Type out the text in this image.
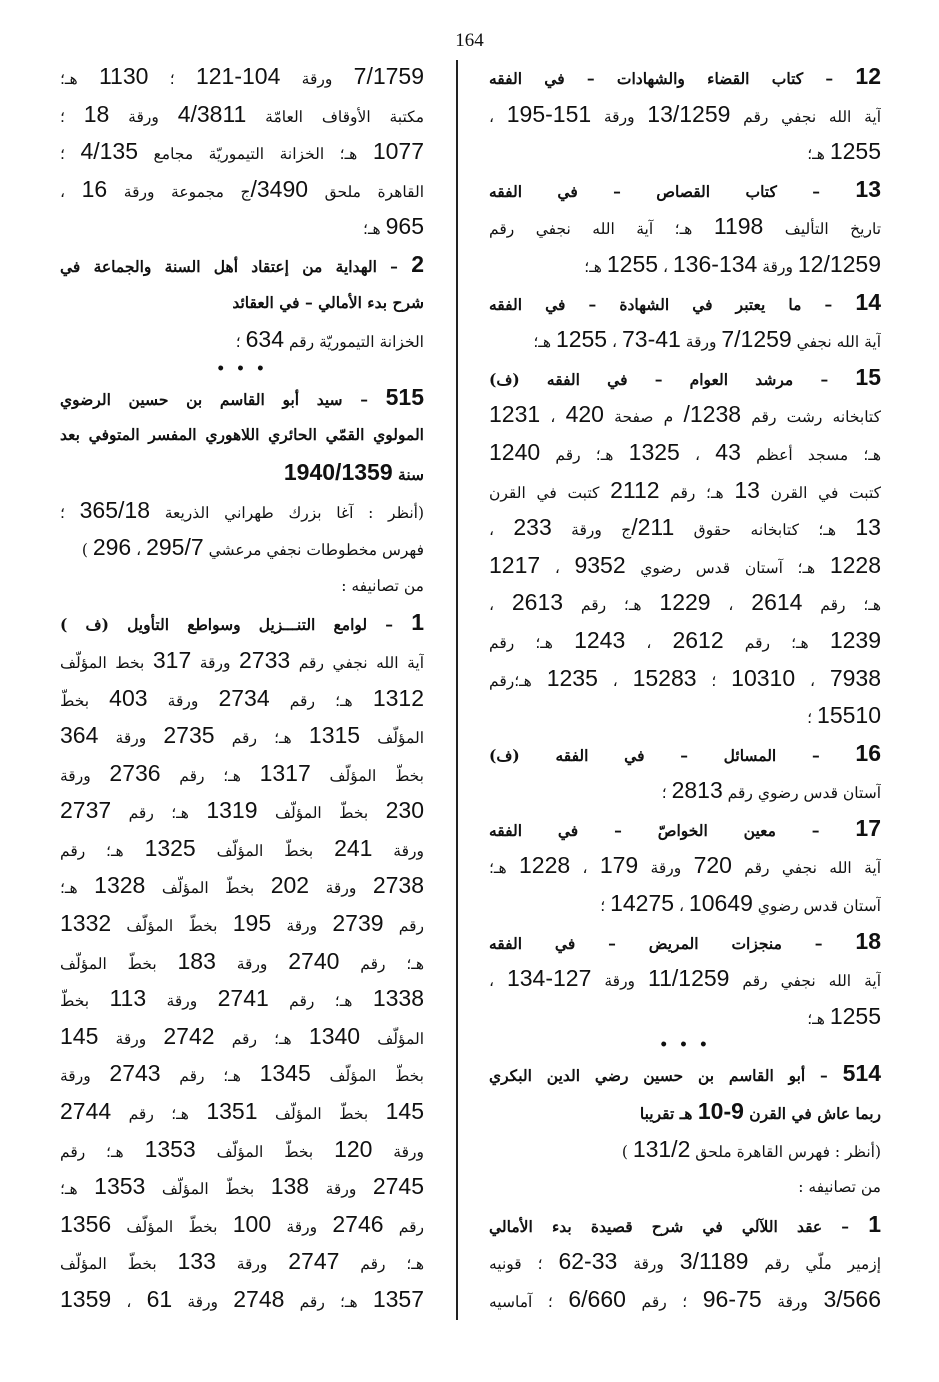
164
12 – كتاب القضاء والشهادات – في الفقه
آية الله نجفي رقم 13/1259 ورقة 151-195 ،
1255 هـ؛
13 – كتاب القصاص – في الفقه
تاريخ التأليف 1198 هـ؛ آية الله نجفي رقم
12/1259 ورقة 134-136 ، 1255 هـ؛
14 – ما يعتبر في الشهادة – في الفقه
آية الله نجفي 7/1259 ورقة 41-73 ، 1255 هـ؛
15 – مرشد العوام – في الفقه (ف)
كتابخانه رشت رقم 1238/ م صفحة 420 ، 1231
هـ؛ مسجد أعظم 43 ، 1325 هـ؛ رقم 1240
كتبت في القرن 13 هـ؛ رقم 2112 كتبت في القرن
13 هـ؛ كتابخانه حقوق 211/ج ورقة 233 ،
1228 هـ؛ آستان قدس رضوي 9352 ، 1217
هـ؛ رقم 2614 ، 1229 هـ؛ رقم 2613 ،
1239 هـ؛ رقم 2612 ، 1243 هـ؛ رقم
7938 ، 10310 ؛ 15283 ، 1235 هـ؛رقم
15510 ؛
16 – المسائل – في الفقه (ف)
آستان قدس رضوي رقم 2813 ؛
17 – معين الخواصّ – في الفقه
آية الله نجفي رقم 720 ورقة 179 ، 1228 هـ؛
آستان قدس رضوي 10649 ، 14275 ؛
18 – منجزات المريض – في الفقه
آية الله نجفي رقم 11/1259 ورقة 127-134 ،
1255 هـ؛
• • •
514 – أبو القاسم بن حسين رضي الدين البكري
ربما عاش في القرن 9-10 هـ تقريبا
(أنظر : فهرس القاهرة ملحق 131/2 )
من تصانيفه :
1 – عقد اللآلي في شرح قصيدة بدء الأمالي
إزمير ملّي رقم 3/1189 ورقة 33-62 ؛ قونيه
3/566 ورقة 75-96 ؛ رقم 6/660 ؛ آماسيه
7/1759 ورقة 104-121 ؛ 1130 هـ؛
مكتبة الأوقاف العامّة 4/3811 ورقة 18 ؛
1077 هـ؛ الخزانة التيموريّة مجامع 4/135 ؛
القاهرة ملحق 3490/ج مجموعة ورقة 16 ،
965 هـ؛
2 – الهداية من إعتقاد أهل السنة والجماعة في
شرح بدء الأمالي – في العقائد
الخزانة التيموريّة رقم 634 ؛
• • •
515 – سيد أبو القاسم بن حسين الرضوي
المولوي القمّي الحائري اللاهوري المفسر المتوفي بعد
سنة 1940/1359
(أنظر : آغا بزرك طهراني الذريعة 365/18 ؛
فهرس مخطوطات نجفي مرعشي 295/7 ، 296 )
من تصانيفه :
1 – لوامع التنـــزيل وسواطع التأويل (ف )
آية الله نجفي رقم 2733 ورقة 317 بخط المؤلّف
1312 هـ؛ رقم 2734 ورقة 403 بخطّ
المؤلّف 1315 هـ؛ رقم 2735 ورقة 364
بخطّ المؤلّف 1317 هـ؛ رقم 2736 ورقة
230 بخطّ المؤلّف 1319 هـ؛ رقم 2737
ورقة 241 بخطّ المؤلّف 1325 هـ؛ رقم
2738 ورقة 202 بخطّ المؤلّف 1328 هـ؛
رقم 2739 ورقة 195 بخطّ المؤلّف 1332
هـ؛ رقم 2740 ورقة 183 بخطّ المؤلّف
1338 هـ؛ رقم 2741 ورقة 113 بخطّ
المؤلّف 1340 هـ؛ رقم 2742 ورقة 145
بخطّ المؤلّف 1345 هـ؛ رقم 2743 ورقة
145 بخطّ المؤلّف 1351 هـ؛ رقم 2744
ورقة 120 بخطّ المؤلّف 1353 هـ؛ رقم
2745 ورقة 138 بخطّ المؤلّف 1353 هـ؛
رقم 2746 ورقة 100 بخطّ المؤلّف 1356
هـ؛ رقم 2747 ورقة 133 بخطّ المؤلّف
1357 هـ؛ رقم 2748 ورقة 61 ، 1359
